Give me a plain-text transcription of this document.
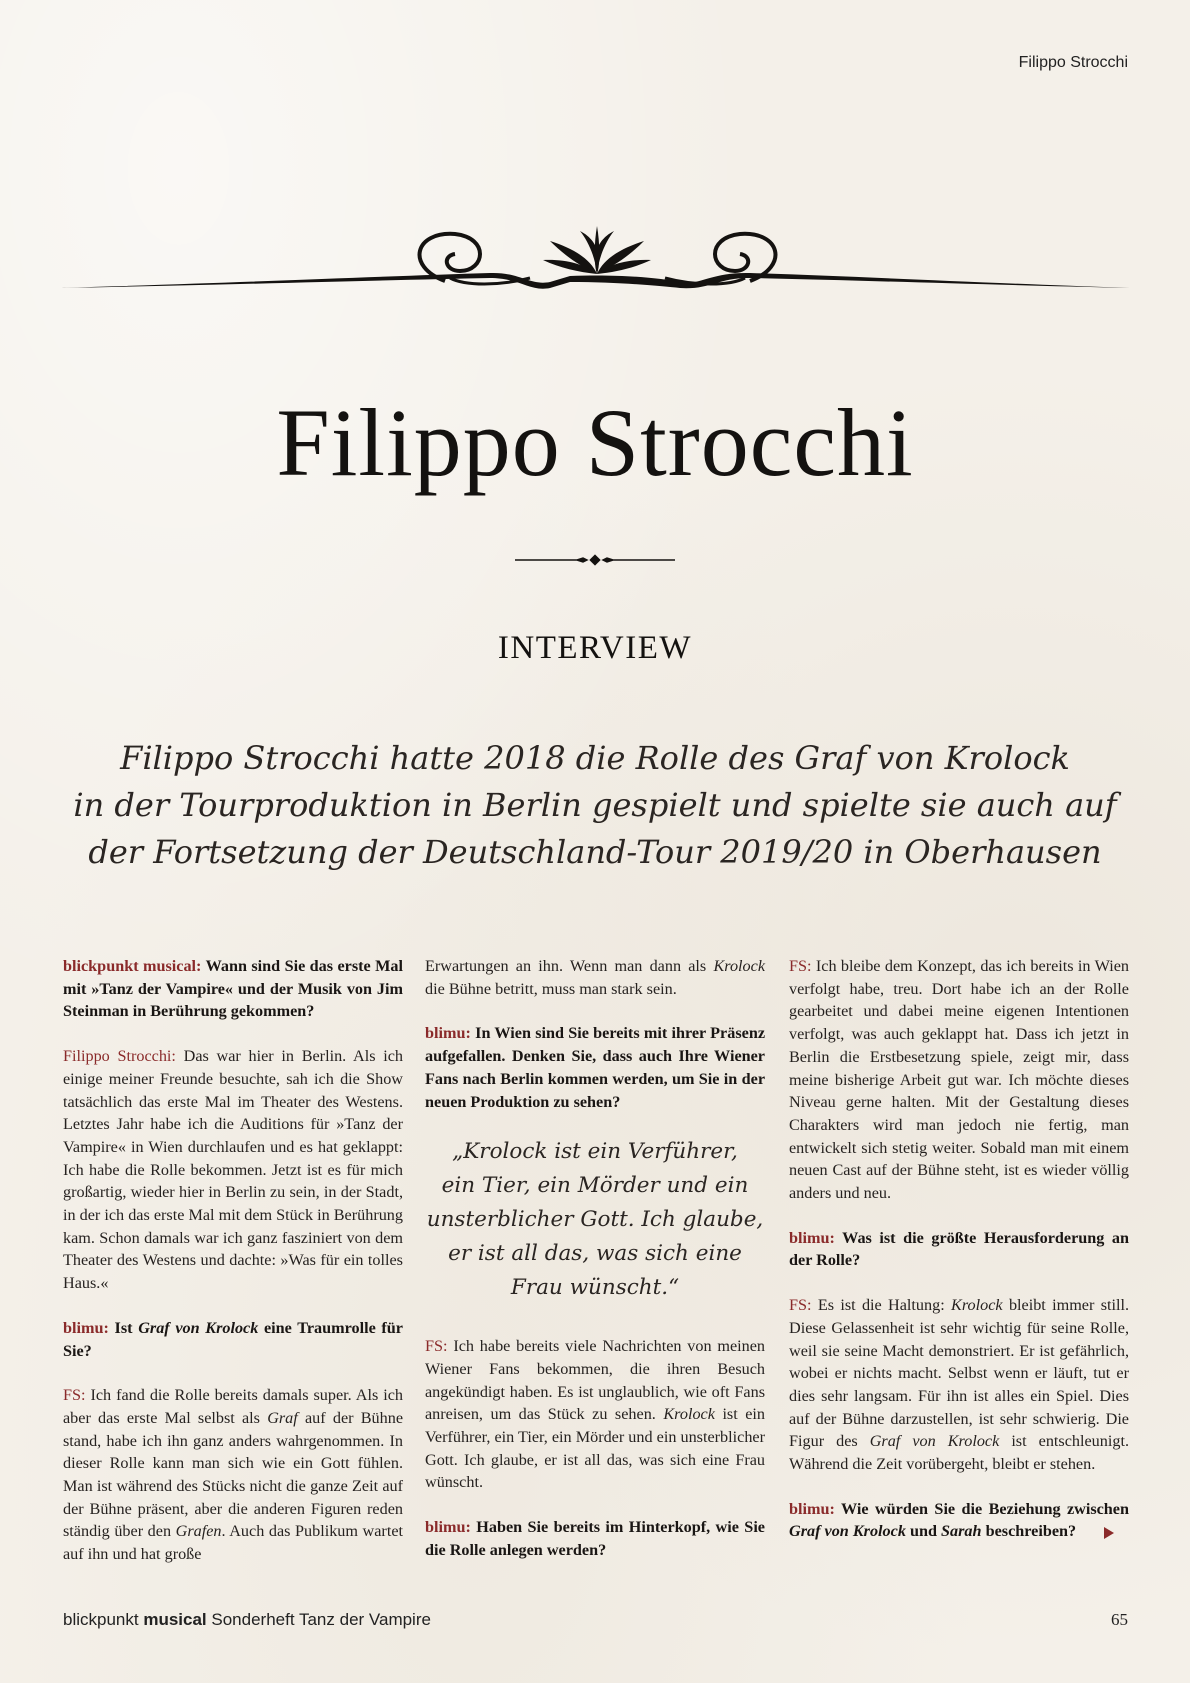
Filippo Strocchi
Filippo Strocchi
INTERVIEW
Filippo Strocchi hatte 2018 die Rolle des Graf von Krolock
in der Tourproduktion in Berlin gespielt und spielte sie auch auf
der Fortsetzung der Deutschland-Tour 2019/20 in Oberhausen

blickpunkt musical: Wann sind Sie das erste Mal mit »Tanz der Vampire« und der Musik von Jim Steinman in Berührung gekommen?

Filippo Strocchi: Das war hier in Berlin. Als ich einige meiner Freunde besuchte, sah ich die Show tatsächlich das erste Mal im Theater des Westens. Letztes Jahr habe ich die Auditions für »Tanz der Vampire« in Wien durchlaufen und es hat geklappt: Ich habe die Rolle bekommen. Jetzt ist es für mich großartig, wieder hier in Berlin zu sein, in der Stadt, in der ich das erste Mal mit dem Stück in Berührung kam. Schon damals war ich ganz fasziniert von dem Theater des Westens und dachte: »Was für ein tolles Haus.«

blimu: Ist Graf von Krolock eine Traumrolle für Sie?

FS: Ich fand die Rolle bereits damals super. Als ich aber das erste Mal selbst als Graf auf der Bühne stand, habe ich ihn ganz anders wahrgenommen. In dieser Rolle kann man sich wie ein Gott fühlen. Man ist während des Stücks nicht die ganze Zeit auf der Bühne präsent, aber die anderen Figuren reden ständig über den Grafen. Auch das Publikum wartet auf ihn und hat große

Erwartungen an ihn. Wenn man dann als Krolock die Bühne betritt, muss man stark sein.

blimu: In Wien sind Sie bereits mit ihrer Präsenz aufgefallen. Denken Sie, dass auch Ihre Wiener Fans nach Berlin kommen werden, um Sie in der neuen Produktion zu sehen?

„Krolock ist ein Verführer,
ein Tier, ein Mörder und ein
unsterblicher Gott. Ich glaube,
er ist all das, was sich eine
Frau wünscht.“

FS: Ich habe bereits viele Nachrichten von meinen Wiener Fans bekommen, die ihren Besuch angekündigt haben. Es ist unglaublich, wie oft Fans anreisen, um das Stück zu sehen. Krolock ist ein Verführer, ein Tier, ein Mörder und ein unsterblicher Gott. Ich glaube, er ist all das, was sich eine Frau wünscht.

blimu: Haben Sie bereits im Hinterkopf, wie Sie die Rolle anlegen werden?

FS: Ich bleibe dem Konzept, das ich bereits in Wien verfolgt habe, treu. Dort habe ich an der Rolle gearbeitet und dabei meine eigenen Intentionen verfolgt, was auch geklappt hat. Dass ich jetzt in Berlin die Erstbesetzung spiele, zeigt mir, dass meine bisherige Arbeit gut war. Ich möchte dieses Niveau gerne halten. Mit der Gestaltung dieses Charakters wird man jedoch nie fertig, man entwickelt sich stetig weiter. Sobald man mit einem neuen Cast auf der Bühne steht, ist es wieder völlig anders und neu.

blimu: Was ist die größte Herausforderung an der Rolle?

FS: Es ist die Haltung: Krolock bleibt immer still. Diese Gelassenheit ist sehr wichtig für seine Rolle, weil sie seine Macht demonstriert. Er ist gefährlich, wobei er nichts macht. Selbst wenn er läuft, tut er dies sehr langsam. Für ihn ist alles ein Spiel. Dies auf der Bühne darzustellen, ist sehr schwierig. Die Figur des Graf von Krolock ist entschleunigt. Während die Zeit vorübergeht, bleibt er stehen.

blimu: Wie würden Sie die Beziehung zwischen Graf von Krolock und Sarah beschreiben?

blickpunkt musical Sonderheft Tanz der Vampire	65
